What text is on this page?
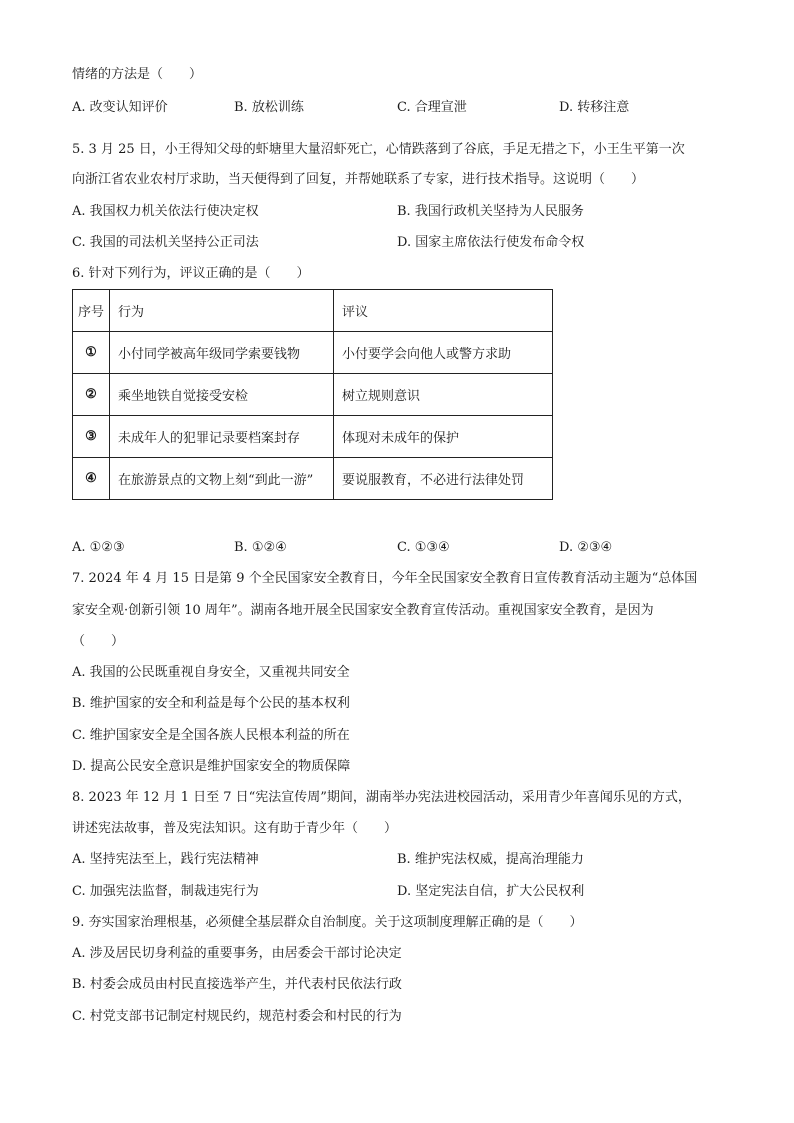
情绪的方法是（　　）
A. 改变认知评价	B. 放松训练	C. 合理宣泄	D. 转移注意
5. 3 月 25 日，小王得知父母的虾塘里大量沼虾死亡，心情跌落到了谷底，手足无措之下，小王生平第一次
向浙江省农业农村厅求助，当天便得到了回复，并帮她联系了专家，进行技术指导。这说明（　　）
A. 我国权力机关依法行使决定权	B. 我国行政机关坚持为人民服务
C. 我国的司法机关坚持公正司法	D. 国家主席依法行使发布命令权
6. 针对下列行为，评议正确的是（　　）
序号	行为	评议
①	小付同学被高年级同学索要钱物	小付要学会向他人或警方求助
②	乘坐地铁自觉接受安检	树立规则意识
③	未成年人的犯罪记录要档案封存	体现对未成年的保护
④	在旅游景点的文物上刻“到此一游”	要说服教育，不必进行法律处罚
A. ①②③	B. ①②④	C. ①③④	D. ②③④
7. 2024 年 4 月 15 日是第 9 个全民国家安全教育日，今年全民国家安全教育日宣传教育活动主题为“总体国
家安全观·创新引领 10 周年”。湖南各地开展全民国家安全教育宣传活动。重视国家安全教育，是因为
（　　）
A. 我国的公民既重视自身安全，又重视共同安全
B. 维护国家的安全和利益是每个公民的基本权利
C. 维护国家安全是全国各族人民根本利益的所在
D. 提高公民安全意识是维护国家安全的物质保障
8. 2023 年 12 月 1 日至 7 日“宪法宣传周”期间，湖南举办宪法进校园活动，采用青少年喜闻乐见的方式，
讲述宪法故事，普及宪法知识。这有助于青少年（　　）
A. 坚持宪法至上，践行宪法精神	B. 维护宪法权威，提高治理能力
C. 加强宪法监督，制裁违宪行为	D. 坚定宪法自信，扩大公民权利
9. 夯实国家治理根基，必须健全基层群众自治制度。关于这项制度理解正确的是（　　）
A. 涉及居民切身利益的重要事务，由居委会干部讨论决定
B. 村委会成员由村民直接选举产生，并代表村民依法行政
C. 村党支部书记制定村规民约，规范村委会和村民的行为
